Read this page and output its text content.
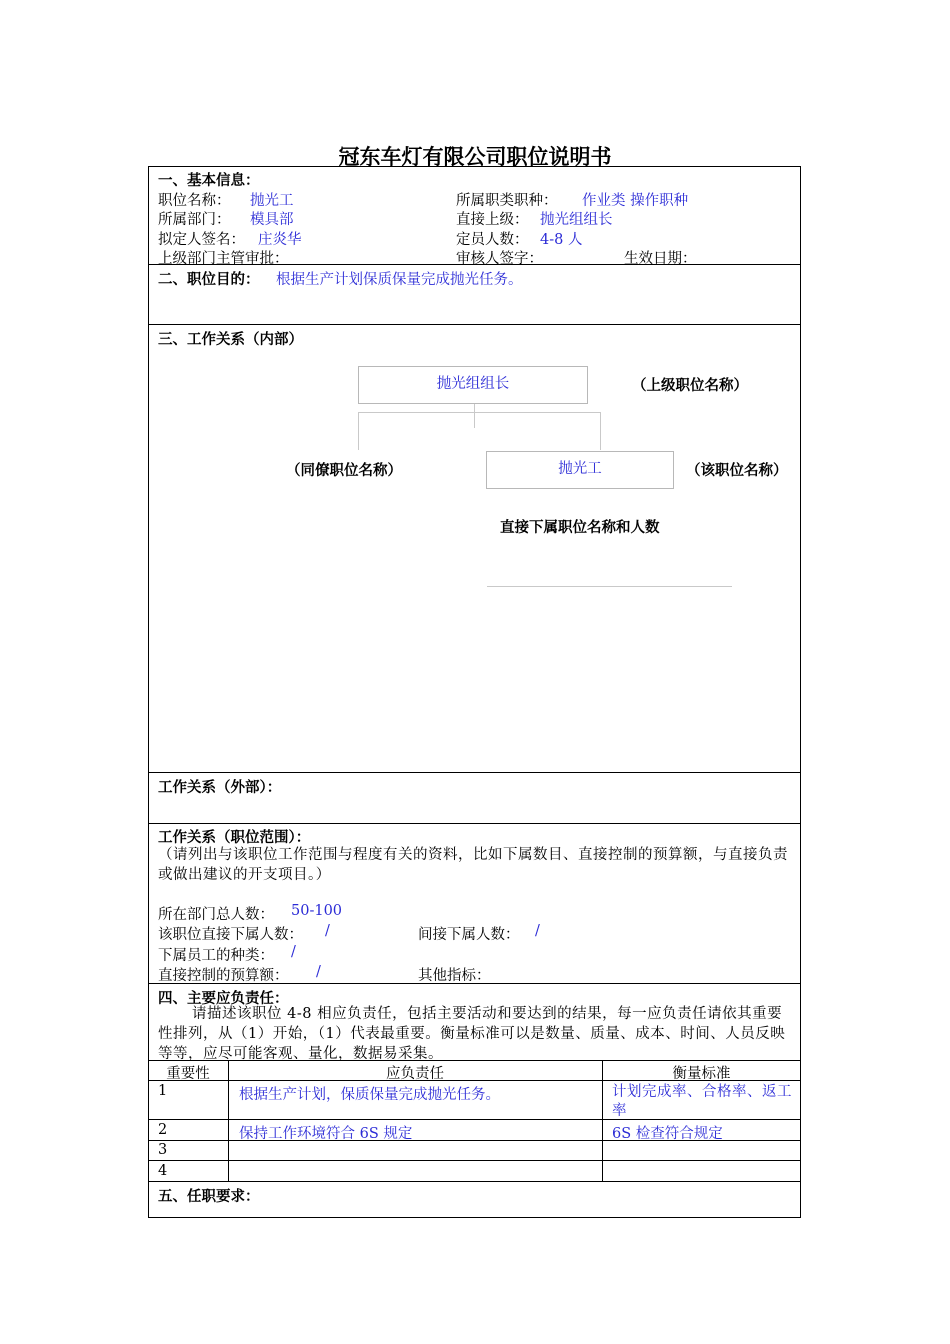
冠东车灯有限公司职位说明书
一、基本信息：
职位名称： 抛光工	所属职类职种： 作业类 操作职种
所属部门： 模具部	直接上级： 抛光组组长
拟定人签名： 庄炎华	定员人数： 4-8 人
上级部门主管审批：	审核人签字：	生效日期：
二、职位目的： 根据生产计划保质保量完成抛光任务。
三、工作关系（内部）
抛光组组长	（上级职位名称）
（同僚职位名称）	抛光工	（该职位名称）
直接下属职位名称和人数
工作关系（外部）：
工作关系（职位范围）：
（请列出与该职位工作范围与程度有关的资料，比如下属数目、直接控制的预算额，与直接负责或做出建议的开支项目。）
所在部门总人数： 50-100
该职位直接下属人数： /	间接下属人数： /
下属员工的种类： /
直接控制的预算额： /	其他指标：
四、主要应负责任：
请描述该职位 4-8 相应负责任，包括主要活动和要达到的结果，每一应负责任请依其重要性排列，从（1）开始，（1）代表最重要。衡量标准可以是数量、质量、成本、时间、人员反映等等，应尽可能客观、量化，数据易采集。
重要性	应负责任	衡量标准
1	根据生产计划，保质保量完成抛光任务。	计划完成率、合格率、返工率
2	保持工作环境符合 6S 规定	6S 检查符合规定
3
4
五、任职要求：
